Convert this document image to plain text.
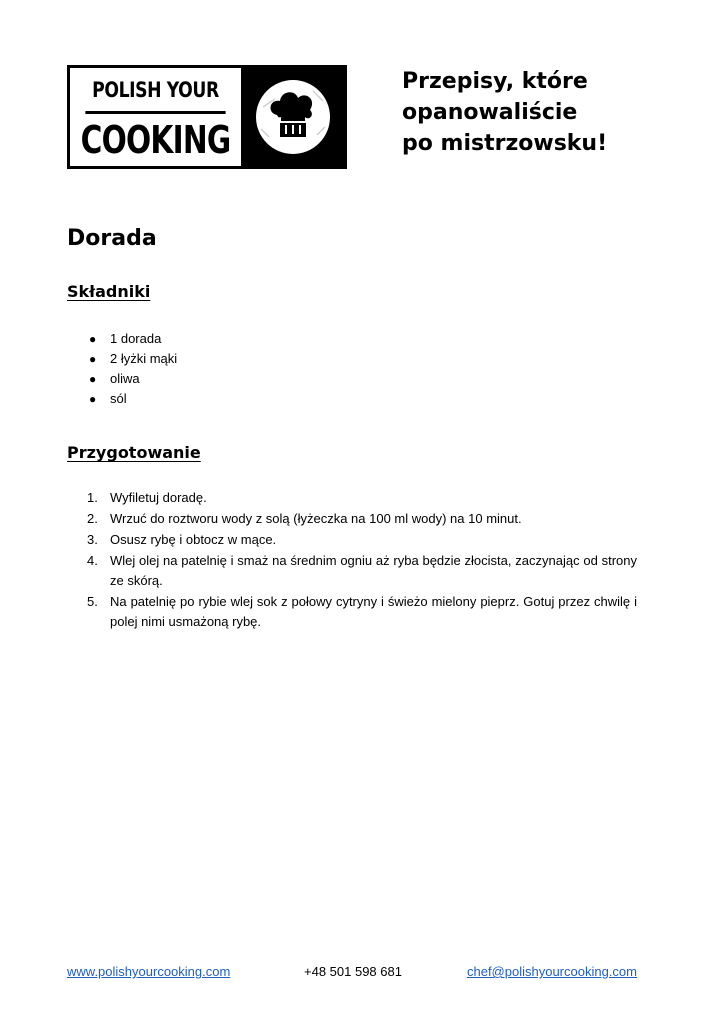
POLISH YOUR
COOKING
Przepisy, które
opanowaliście
po mistrzowsku!
Dorada
Składniki
● 1 dorada
● 2 łyżki mąki
● oliwa
● sól
Przygotowanie
1. Wyfiletuj doradę.
2. Wrzuć do roztworu wody z solą (łyżeczka na 100 ml wody) na 10 minut.
3. Osusz rybę i obtocz w mące.
4. Wlej olej na patelnię i smaż na średnim ogniu aż ryba będzie złocista, zaczynając od strony ze skórą.
5. Na patelnię po rybie wlej sok z połowy cytryny i świeżo mielony pieprz. Gotuj przez chwilę i polej nimi usmażoną rybę.
www.polishyourcooking.com	+48 501 598 681	chef@polishyourcooking.com
